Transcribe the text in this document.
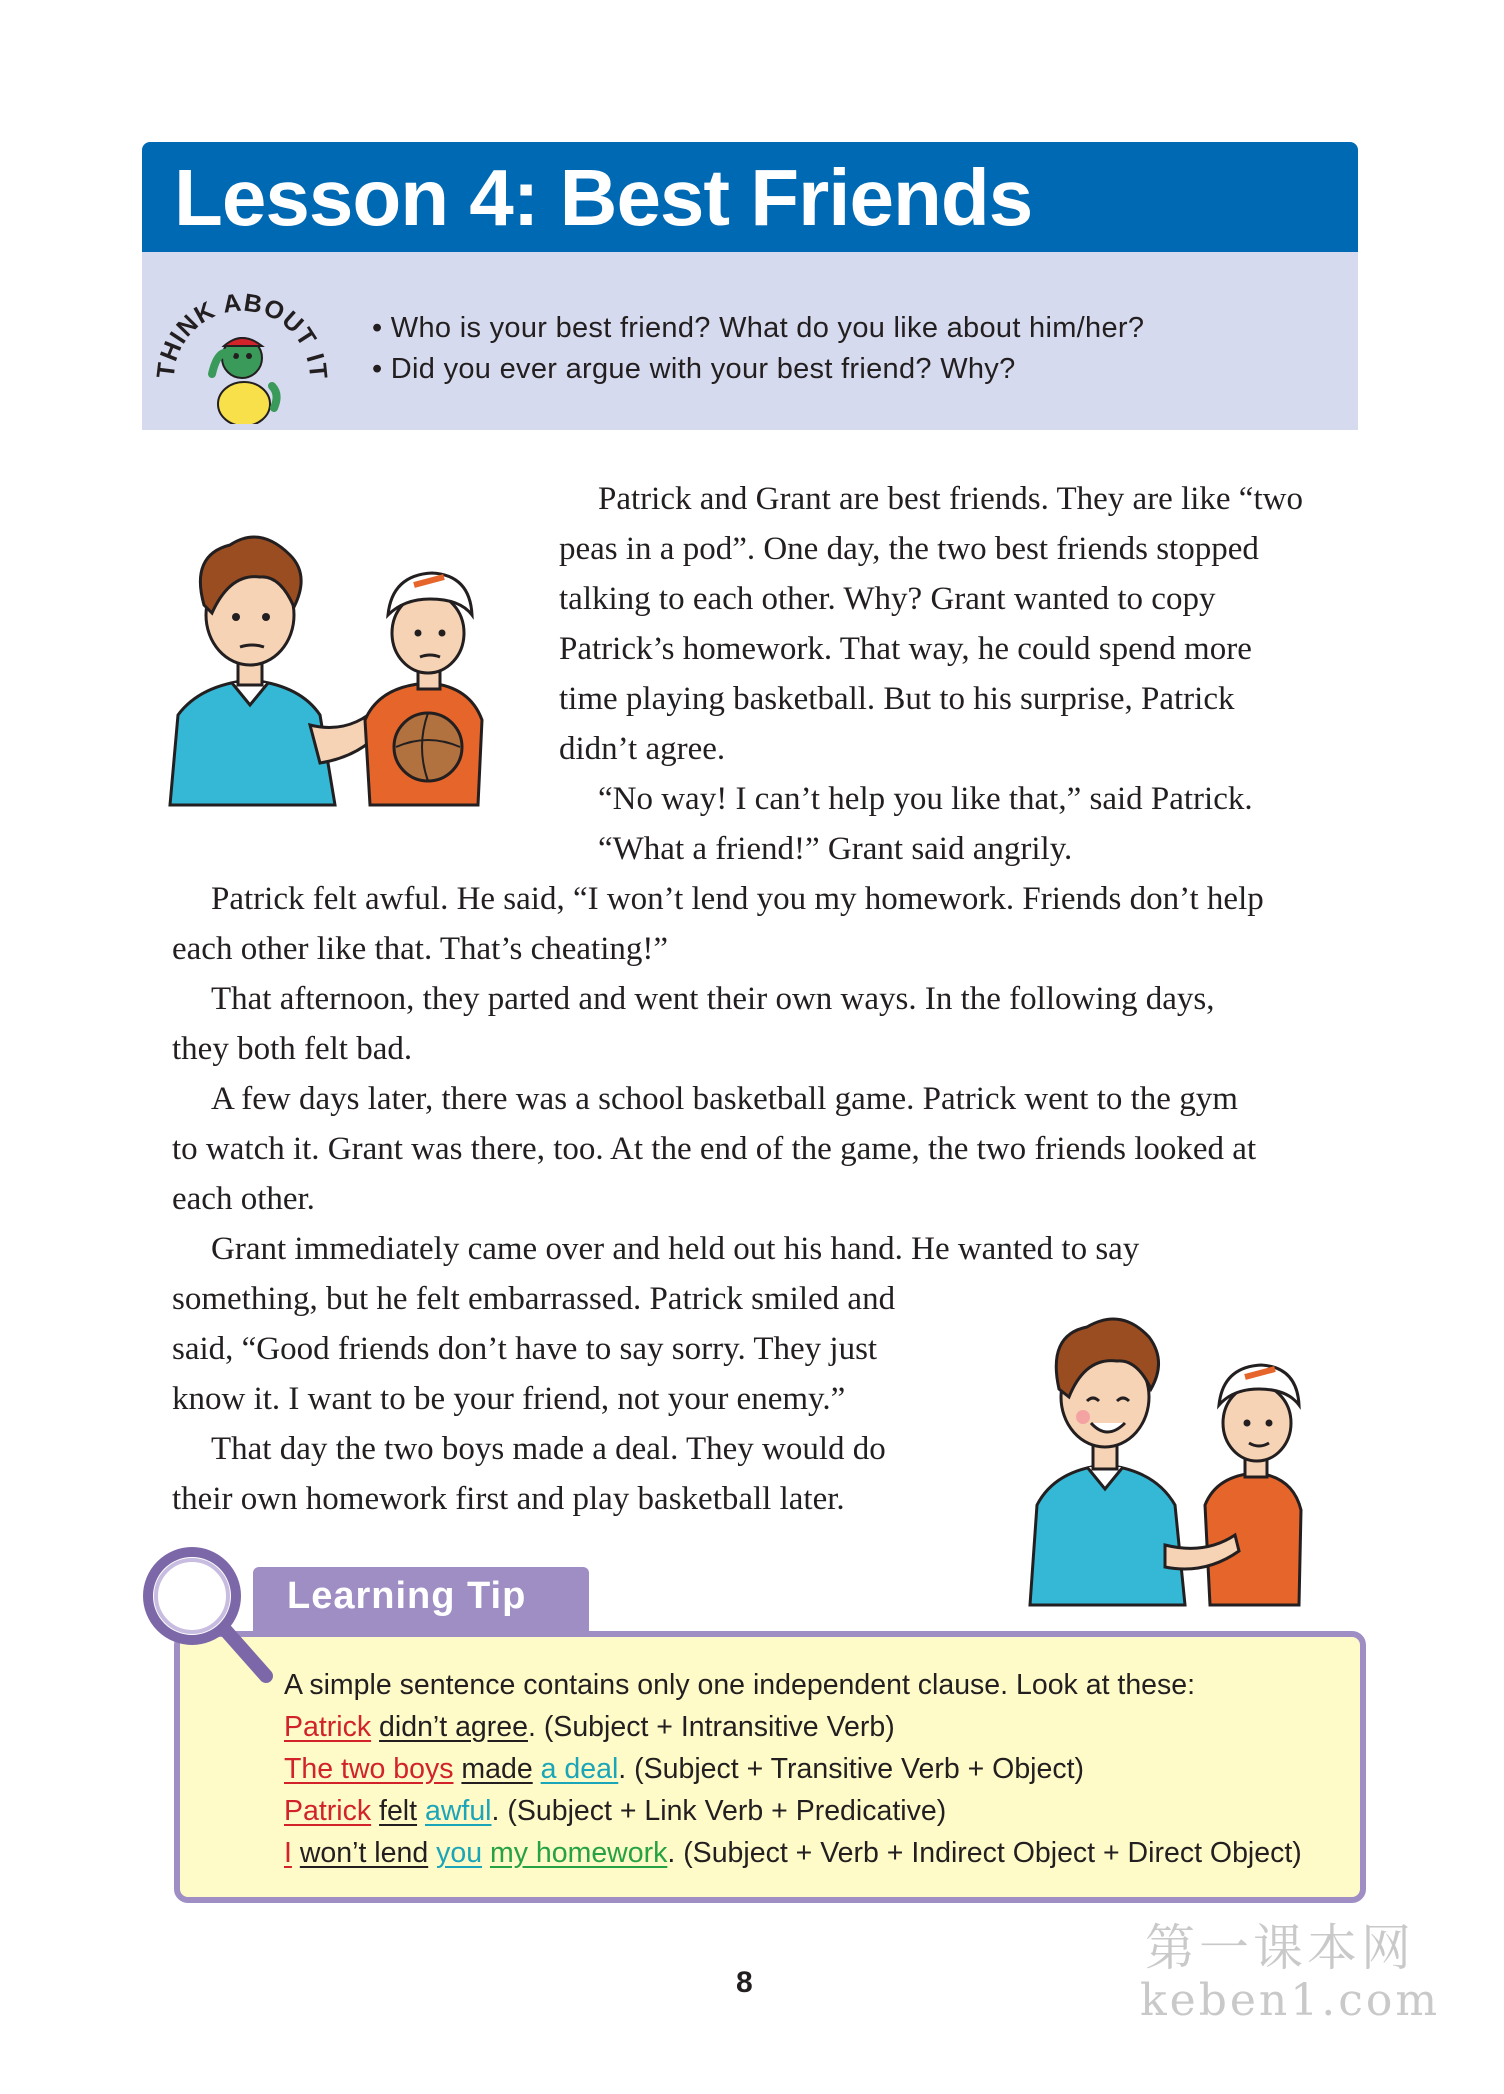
Lesson 4: Best Friends
THINK ABOUT IT
• Who is your best friend? What do you like about him/her?
• Did you ever argue with your best friend? Why?
Patrick and Grant are best friends. They are like “two
peas in a pod”. One day, the two best friends stopped
talking to each other. Why? Grant wanted to copy
Patrick’s homework. That way, he could spend more
time playing basketball. But to his surprise, Patrick
didn’t agree.
“No way! I can’t help you like that,” said Patrick.
“What a friend!” Grant said angrily.
Patrick felt awful. He said, “I won’t lend you my homework. Friends don’t help
each other like that. That’s cheating!”
That afternoon, they parted and went their own ways. In the following days,
they both felt bad.
A few days later, there was a school basketball game. Patrick went to the gym
to watch it. Grant was there, too. At the end of the game, the two friends looked at
each other.
Grant immediately came over and held out his hand. He wanted to say
something, but he felt embarrassed. Patrick smiled and
said, “Good friends don’t have to say sorry. They just
know it. I want to be your friend, not your enemy.”
That day the two boys made a deal. They would do
their own homework first and play basketball later.
Learning Tip
A simple sentence contains only one independent clause. Look at these:
Patrick didn’t agree. (Subject + Intransitive Verb)
The two boys made a deal. (Subject + Transitive Verb + Object)
Patrick felt awful. (Subject + Link Verb + Predicative)
I won’t lend you my homework. (Subject + Verb + Indirect Object + Direct Object)
8
第一课本网
keben1.com
